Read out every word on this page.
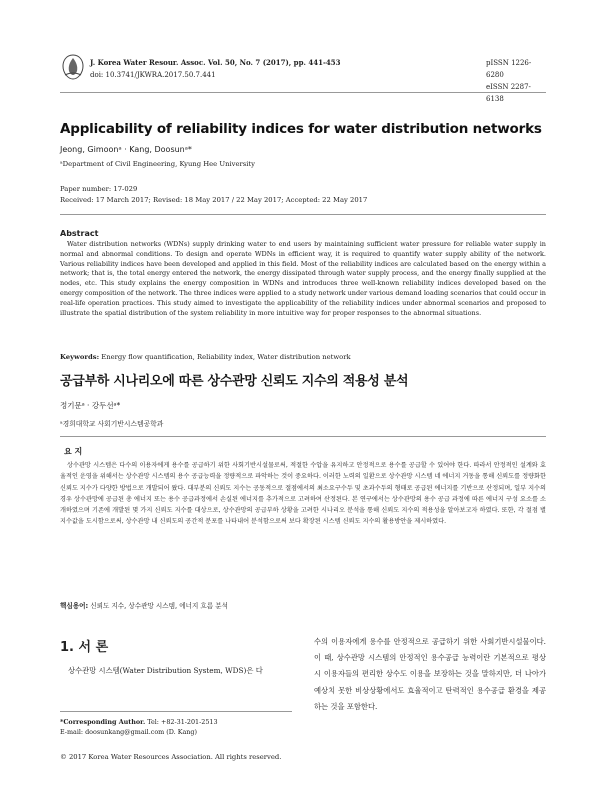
J. Korea Water Resour. Assoc. Vol. 50, No. 7 (2017), pp. 441-453
doi: 10.3741/JKWRA.2017.50.7.441
pISSN 1226-6280
eISSN 2287-6138
Applicability of reliability indices for water distribution networks
Jeong, Gimoonᵃ · Kang, Doosunᵃ*
ᵃDepartment of Civil Engineering, Kyung Hee University
Paper number: 17-029
Received: 17 March 2017; Revised: 18 May 2017 / 22 May 2017; Accepted: 22 May 2017
Abstract
Water distribution networks (WDNs) supply drinking water to end users by maintaining sufficient water pressure for reliable water supply in normal and abnormal conditions. To design and operate WDNs in efficient way, it is required to quantify water supply ability of the network. Various reliability indices have been developed and applied in this field. Most of the reliability indices are calculated based on the energy within a network; that is, the total energy entered the network, the energy dissipated through water supply process, and the energy finally supplied at the nodes, etc. This study explains the energy composition in WDNs and introduces three well-known reliability indices developed based on the energy composition of the network. The three indices were applied to a study network under various demand loading scenarios that could occur in real-life operation practices. This study aimed to investigate the applicability of the reliability indices under abnormal scenarios and proposed to illustrate the spatial distribution of the system reliability in more intuitive way for proper responses to the abnormal situations.
Keywords: Energy flow quantification, Reliability index, Water distribution network
공급부하 시나리오에 따른 상수관망 신뢰도 지수의 적용성 분석
정기문ᵃ · 강두선ᵃ*
ᵃ경희대학교 사회기반시스템공학과
요 지
상수관망 시스템은 다수의 이용자에게 용수를 공급하기 위한 사회기반시설물로써, 적절한 수압을 유지하고 안정적으로 용수를 공급할 수 있어야 한다. 따라서 안정적인 설계와 효율적인 운영을 위해서는 상수관망 시스템의 용수 공급능력을 정량적으로 파악하는 것이 중요하다. 이러한 노력의 일환으로 상수관망 시스템 네 에너지 거동을 통해 신뢰도를 정량화한 신뢰도 지수가 다양한 방법으로 개발되어 왔다. 대부분의 신뢰도 지수는 공동적으로 절점에서의 최소요구수두 및 초과수두의 형태로 공급된 에너지를 기반으로 산정되며, 일부 지수의 경우 상수관망에 공급된 총 에너지 또는 용수 공급과정에서 손실된 에너지를 추가적으로 고려하여 산정된다. 본 연구에서는 상수관망의 용수 공급 과정에 따른 에너지 구성 요소를 소개하였으며 기존에 개발된 몇 가지 신뢰도 지수를 대상으로, 상수관망의 공급부하 상황을 고려한 시나리오 분석을 통해 신뢰도 지수의 적용성을 알아보고자 하였다. 또한, 각 절점 별 지수값을 도시함으로써, 상수관망 내 신뢰도의 공간적 분포를 나타내어 분석함으로써 보다 확장된 시스템 신뢰도 지수의 활용방안을 제시하였다.
핵심용어: 신뢰도 지수, 상수관망 시스템, 에너지 흐름 분석
1. 서 론
상수관망 시스템(Water Distribution System, WDS)은 다
수의 이용자에게 용수를 안정적으로 공급하기 위한 사회기반시설물이다. 이 때, 상수관망 시스템의 안정적인 용수공급 능력이란 기본적으로 평상시 이용자들의 편리한 상수도 이용을 보장하는 것을 말하지만, 더 나아가 예상치 못한 비상상황에서도 효율적이고 탄력적인 용수공급 환경을 제공하는 것을 포함한다.
*Corresponding Author. Tel: +82-31-201-2513
E-mail: doosunkang@gmail.com (D. Kang)
© 2017 Korea Water Resources Association. All rights reserved.
